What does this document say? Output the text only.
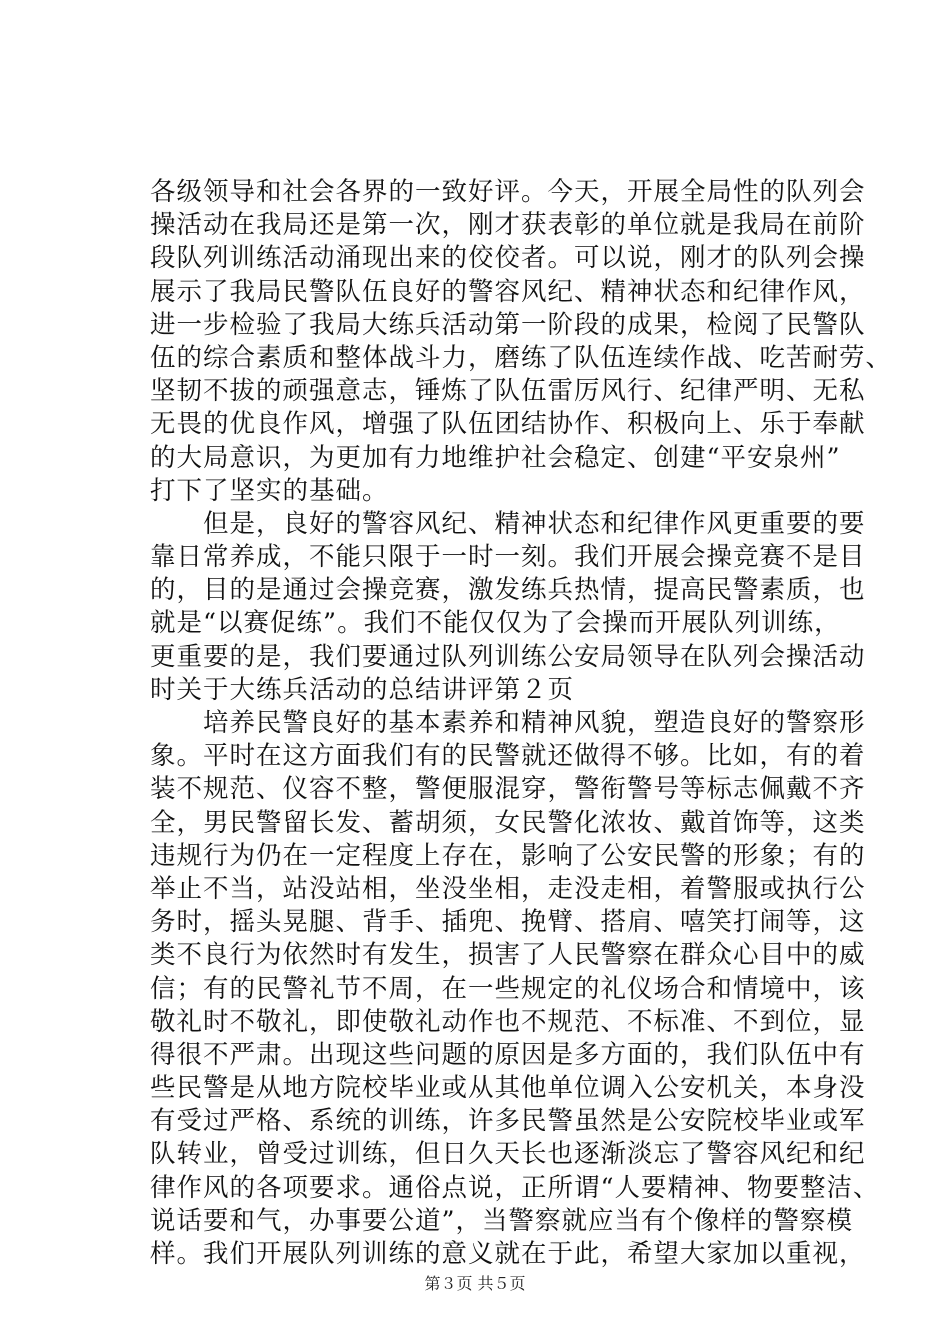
各级领导和社会各界的一致好评。今天，开展全局性的队列会
操活动在我局还是第一次，刚才获表彰的单位就是我局在前阶
段队列训练活动涌现出来的佼佼者。可以说，刚才的队列会操
展示了我局民警队伍良好的警容风纪、精神状态和纪律作风，
进一步检验了我局大练兵活动第一阶段的成果，检阅了民警队
伍的综合素质和整体战斗力，磨练了队伍连续作战、吃苦耐劳、
坚韧不拔的顽强意志，锤炼了队伍雷厉风行、纪律严明、无私
无畏的优良作风，增强了队伍团结协作、积极向上、乐于奉献
的大局意识，为更加有力地维护社会稳定、创建“平安泉州”
打下了坚实的基础。
　　但是，良好的警容风纪、精神状态和纪律作风更重要的要
靠日常养成，不能只限于一时一刻。我们开展会操竞赛不是目
的，目的是通过会操竞赛，激发练兵热情，提高民警素质，也
就是“以赛促练”。我们不能仅仅为了会操而开展队列训练，
更重要的是，我们要通过队列训练公安局领导在队列会操活动
时关于大练兵活动的总结讲评第２页
　　培养民警良好的基本素养和精神风貌，塑造良好的警察形
象。平时在这方面我们有的民警就还做得不够。比如，有的着
装不规范、仪容不整，警便服混穿，警衔警号等标志佩戴不齐
全，男民警留长发、蓄胡须，女民警化浓妆、戴首饰等，这类
违规行为仍在一定程度上存在，影响了公安民警的形象；有的
举止不当，站没站相，坐没坐相，走没走相，着警服或执行公
务时，摇头晃腿、背手、插兜、挽臂、搭肩、嘻笑打闹等，这
类不良行为依然时有发生，损害了人民警察在群众心目中的威
信；有的民警礼节不周，在一些规定的礼仪场合和情境中，该
敬礼时不敬礼，即使敬礼动作也不规范、不标准、不到位，显
得很不严肃。出现这些问题的原因是多方面的，我们队伍中有
些民警是从地方院校毕业或从其他单位调入公安机关，本身没
有受过严格、系统的训练，许多民警虽然是公安院校毕业或军
队转业，曾受过训练，但日久天长也逐渐淡忘了警容风纪和纪
律作风的各项要求。通俗点说，正所谓“人要精神、物要整洁、
说话要和气，办事要公道”，当警察就应当有个像样的警察模
样。我们开展队列训练的意义就在于此，希望大家加以重视，
第３页 共５页
